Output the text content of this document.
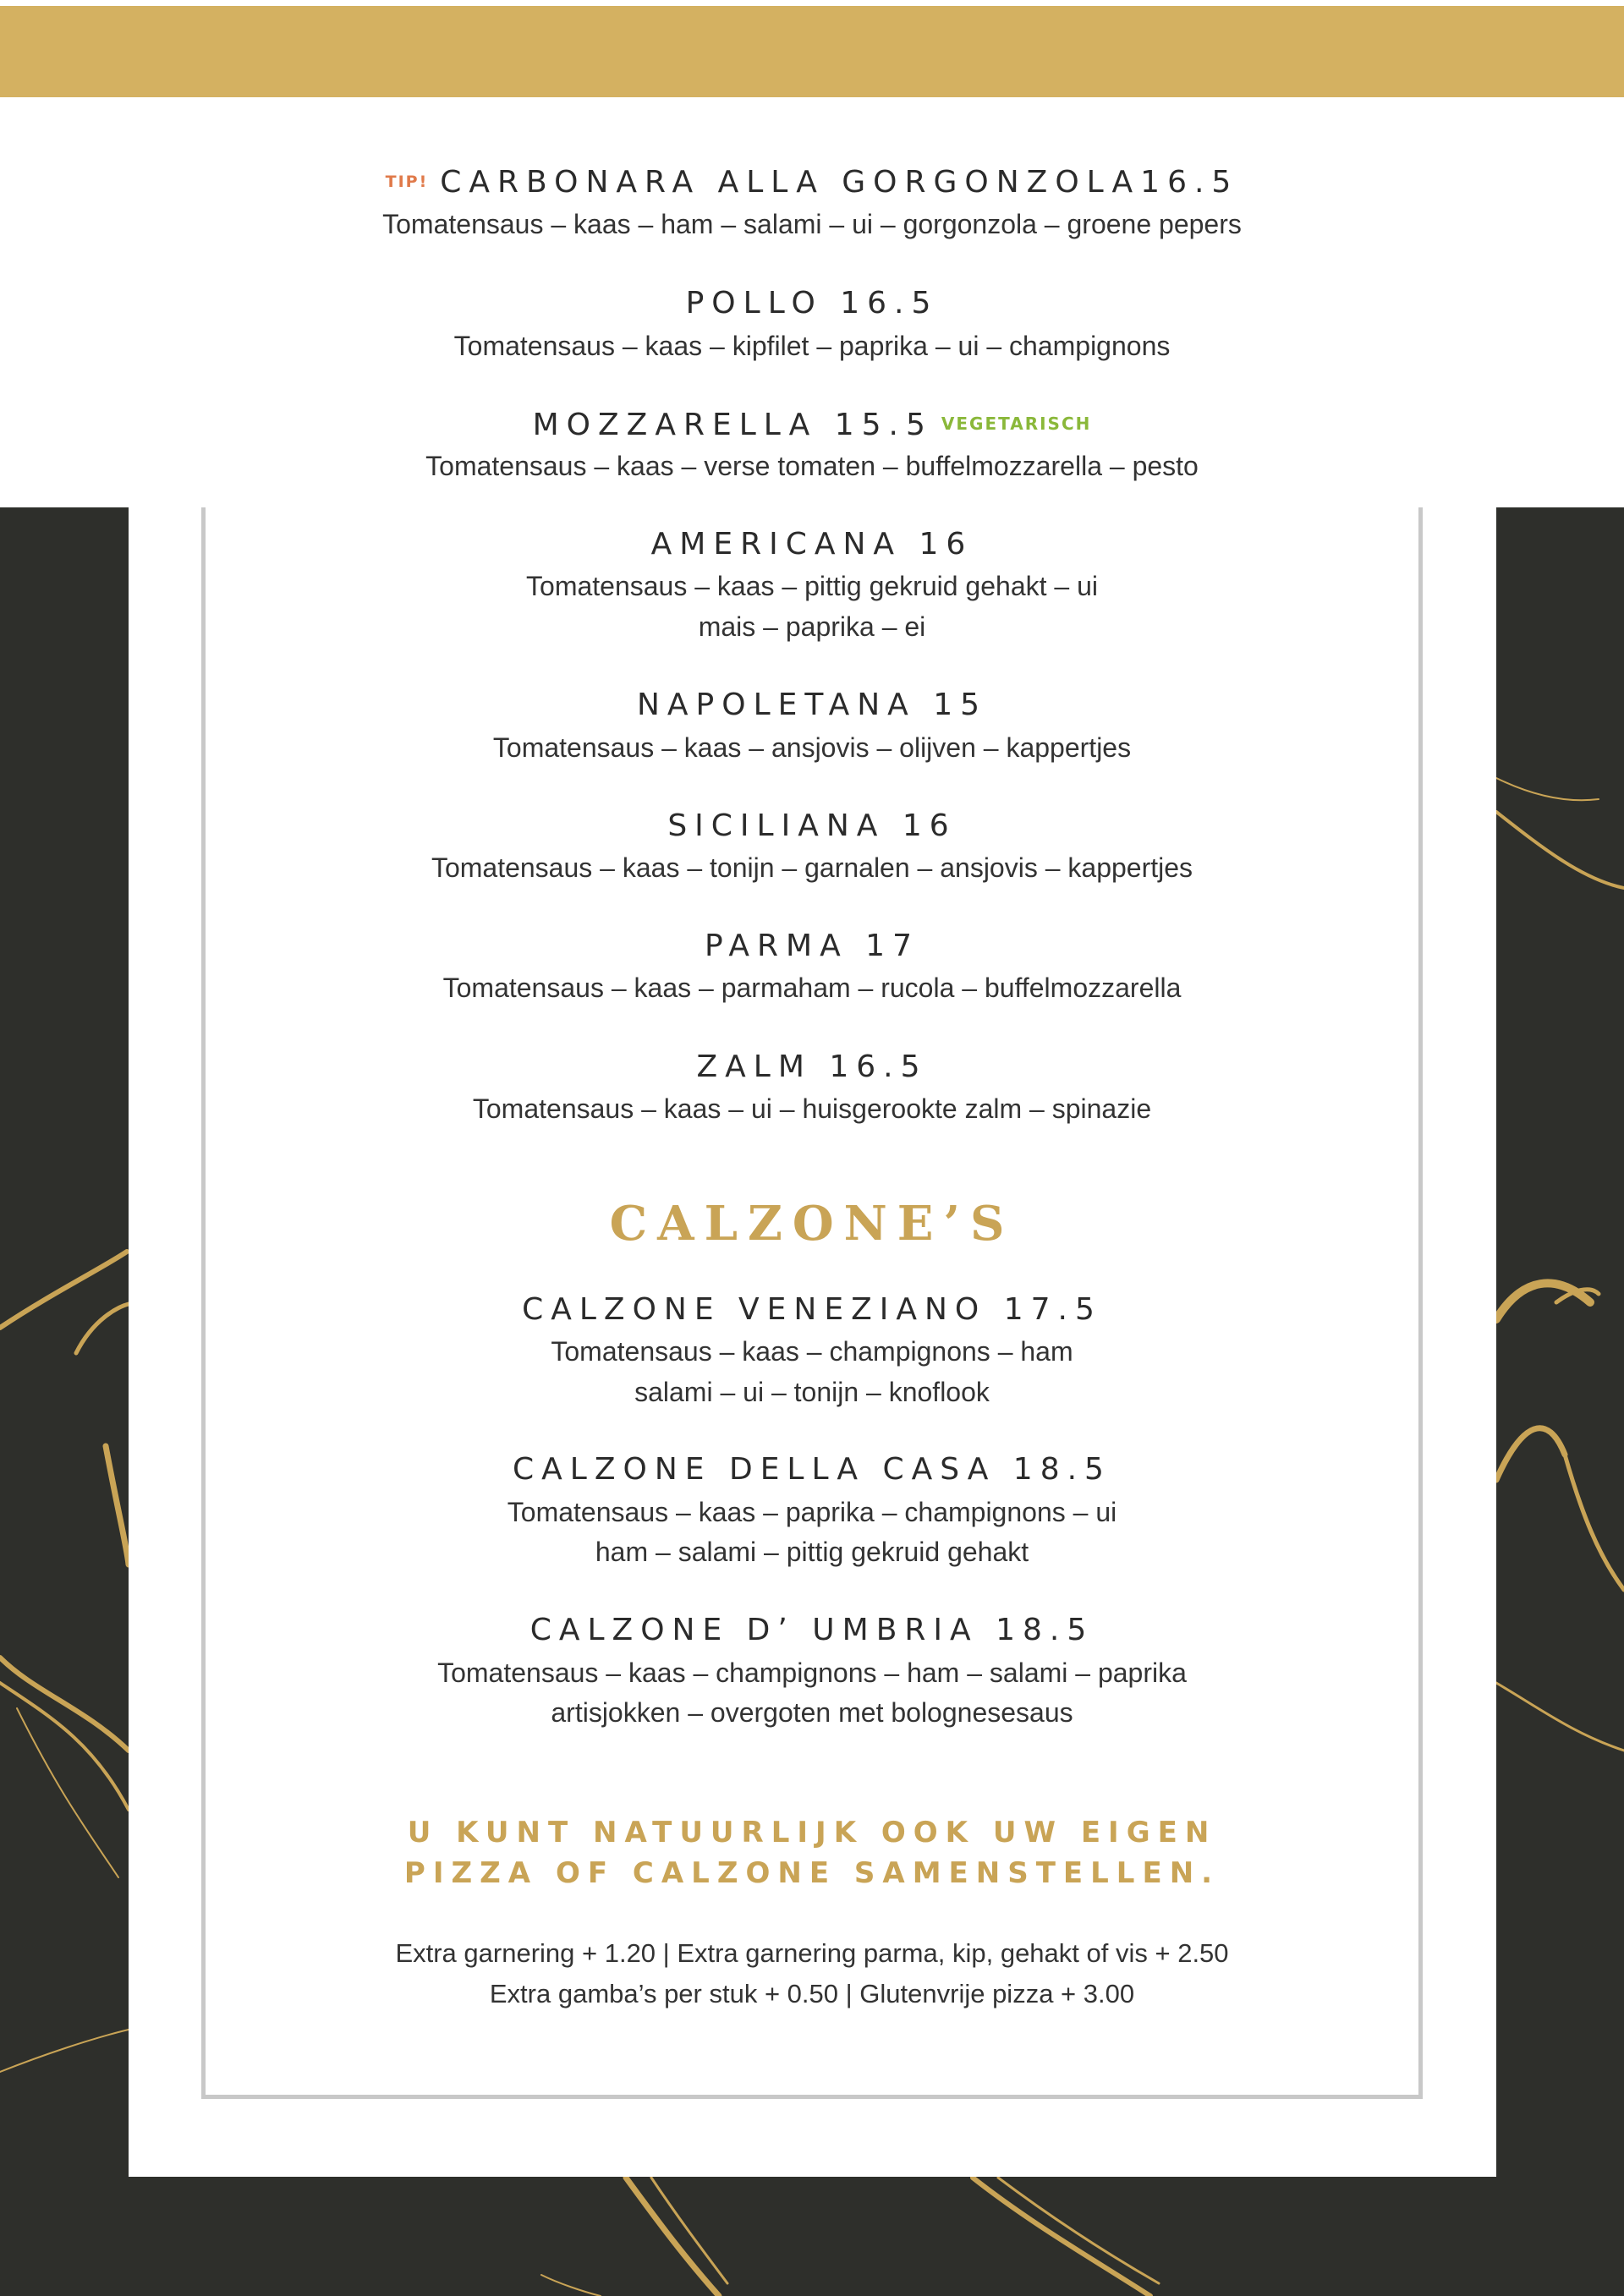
TIP! CARBONARA ALLA GORGONZOLA16.5
Tomatensaus – kaas – ham – salami – ui – gorgonzola – groene pepers
POLLO 16.5
Tomatensaus – kaas – kipfilet – paprika – ui – champignons
MOZZARELLA 15.5 VEGETARISCH
Tomatensaus – kaas – verse tomaten – buffelmozzarella – pesto
AMERICANA 16
Tomatensaus – kaas – pittig gekruid gehakt – ui
mais – paprika – ei
NAPOLETANA 15
Tomatensaus – kaas – ansjovis – olijven – kappertjes
SICILIANA 16
Tomatensaus – kaas – tonijn – garnalen – ansjovis – kappertjes
PARMA 17
Tomatensaus – kaas – parmaham – rucola – buffelmozzarella
ZALM 16.5
Tomatensaus – kaas – ui – huisgerookte zalm – spinazie
CALZONE’S
CALZONE VENEZIANO 17.5
Tomatensaus – kaas – champignons – ham
salami – ui – tonijn – knoflook
CALZONE DELLA CASA 18.5
Tomatensaus – kaas – paprika – champignons – ui
ham – salami – pittig gekruid gehakt
CALZONE D’ UMBRIA 18.5
Tomatensaus – kaas – champignons – ham – salami – paprika
artisjokken – overgoten met bolognesesaus
U KUNT NATUURLIJK OOK UW EIGEN
PIZZA OF CALZONE SAMENSTELLEN.
Extra garnering + 1.20 | Extra garnering parma, kip, gehakt of vis + 2.50
Extra gamba’s per stuk + 0.50 | Glutenvrije pizza + 3.00
